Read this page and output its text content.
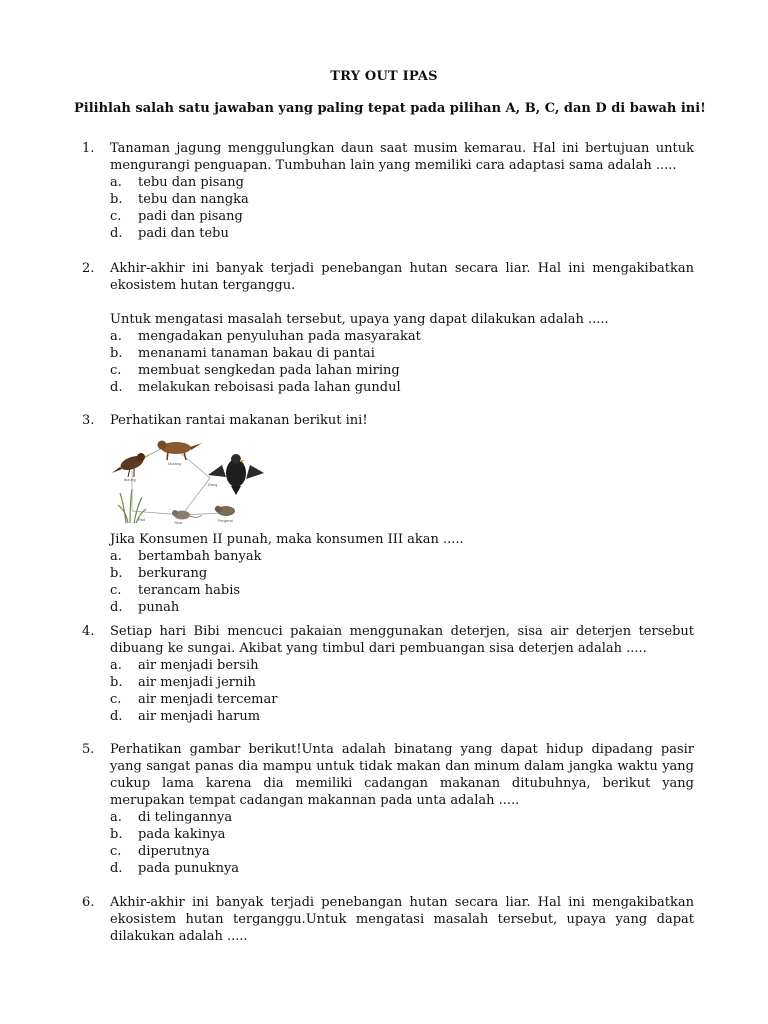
TRY OUT IPAS
Pilihlah salah satu jawaban yang paling tepat pada pilihan A, B, C, dan D di bawah ini!
1.	Tanaman jagung menggulungkan daun saat musim kemarau. Hal ini bertujuan untuk mengurangi penguapan. Tumbuhan lain yang memiliki cara adaptasi sama adalah .....
a.	tebu dan pisang
b.	tebu dan nangka
c.	padi dan pisang
d.	padi dan tebu
2.	Akhir-akhir ini banyak terjadi penebangan hutan secara liar. Hal ini mengakibatkan ekosistem hutan terganggu.
Untuk mengatasi masalah tersebut, upaya yang dapat dilakukan adalah .....
a.	mengadakan penyuluhan pada masyarakat
b.	menanami tanaman bakau di pantai
c.	membuat sengkedan pada lahan miring
d.	melakukan reboisasi pada lahan gundul
3.	Perhatikan rantai makanan berikut ini!
Burung
Musang
Elang
Padi
Tikus	Pengerat
Jika Konsumen II punah, maka konsumen III akan .....
a.	bertambah banyak
b.	berkurang
c.	terancam habis
d.	punah
4.	Setiap hari Bibi mencuci pakaian menggunakan deterjen, sisa air deterjen tersebut dibuang ke sungai. Akibat yang timbul dari pembuangan sisa deterjen adalah .....
a.	air menjadi bersih
b.	air menjadi jernih
c.	air menjadi tercemar
d.	air menjadi harum
5.	Perhatikan gambar berikut!Unta adalah binatang yang dapat hidup dipadang pasir yang sangat panas dia mampu untuk tidak makan dan minum dalam jangka waktu yang cukup lama karena dia memiliki cadangan makanan ditubuhnya, berikut yang merupakan tempat cadangan makannan pada unta adalah .....
a.	di telingannya
b.	pada kakinya
c.	diperutnya
d.	pada punuknya
6.	Akhir-akhir ini banyak terjadi penebangan hutan secara liar. Hal ini mengakibatkan ekosistem hutan terganggu.Untuk mengatasi masalah tersebut, upaya yang dapat dilakukan adalah .....
